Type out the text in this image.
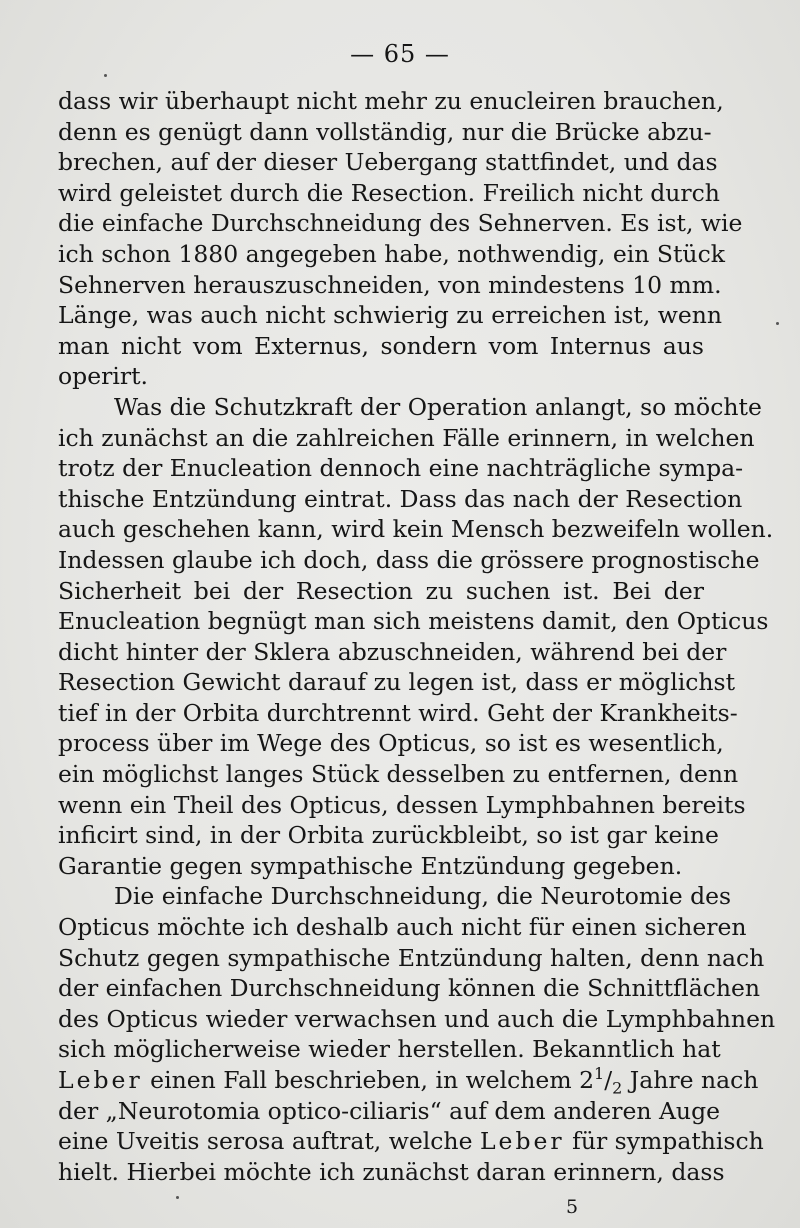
— 65 —
dass wir überhaupt nicht mehr zu enucleiren brauchen,
denn es genügt dann vollständig, nur die Brücke abzu-
brechen, auf der dieser Uebergang stattfindet, und das
wird geleistet durch die Resection. Freilich nicht durch
die einfache Durchschneidung des Sehnerven. Es ist, wie
ich schon 1880 angegeben habe, nothwendig, ein Stück
Sehnerven herauszuschneiden, von mindestens 10 mm.
Länge, was auch nicht schwierig zu erreichen ist, wenn
man nicht vom Externus, sondern vom Internus aus
operirt.
Was die Schutzkraft der Operation anlangt, so möchte
ich zunächst an die zahlreichen Fälle erinnern, in welchen
trotz der Enucleation dennoch eine nachträgliche sympa-
thische Entzündung eintrat. Dass das nach der Resection
auch geschehen kann, wird kein Mensch bezweifeln wollen.
Indessen glaube ich doch, dass die grössere prognostische
Sicherheit bei der Resection zu suchen ist. Bei der
Enucleation begnügt man sich meistens damit, den Opticus
dicht hinter der Sklera abzuschneiden, während bei der
Resection Gewicht darauf zu legen ist, dass er möglichst
tief in der Orbita durchtrennt wird. Geht der Krankheits-
process über im Wege des Opticus, so ist es wesentlich,
ein möglichst langes Stück desselben zu entfernen, denn
wenn ein Theil des Opticus, dessen Lymphbahnen bereits
inficirt sind, in der Orbita zurückbleibt, so ist gar keine
Garantie gegen sympathische Entzündung gegeben.
Die einfache Durchschneidung, die Neurotomie des
Opticus möchte ich deshalb auch nicht für einen sicheren
Schutz gegen sympathische Entzündung halten, denn nach
der einfachen Durchschneidung können die Schnittflächen
des Opticus wieder verwachsen und auch die Lymphbahnen
sich möglicherweise wieder herstellen. Bekanntlich hat
Leber einen Fall beschrieben, in welchem $2^1/_2$ Jahre nach
der „Neurotomia optico-ciliaris“ auf dem anderen Auge
eine Uveitis serosa auftrat, welche Leber für sympathisch
hielt. Hierbei möchte ich zunächst daran erinnern, dass
5
